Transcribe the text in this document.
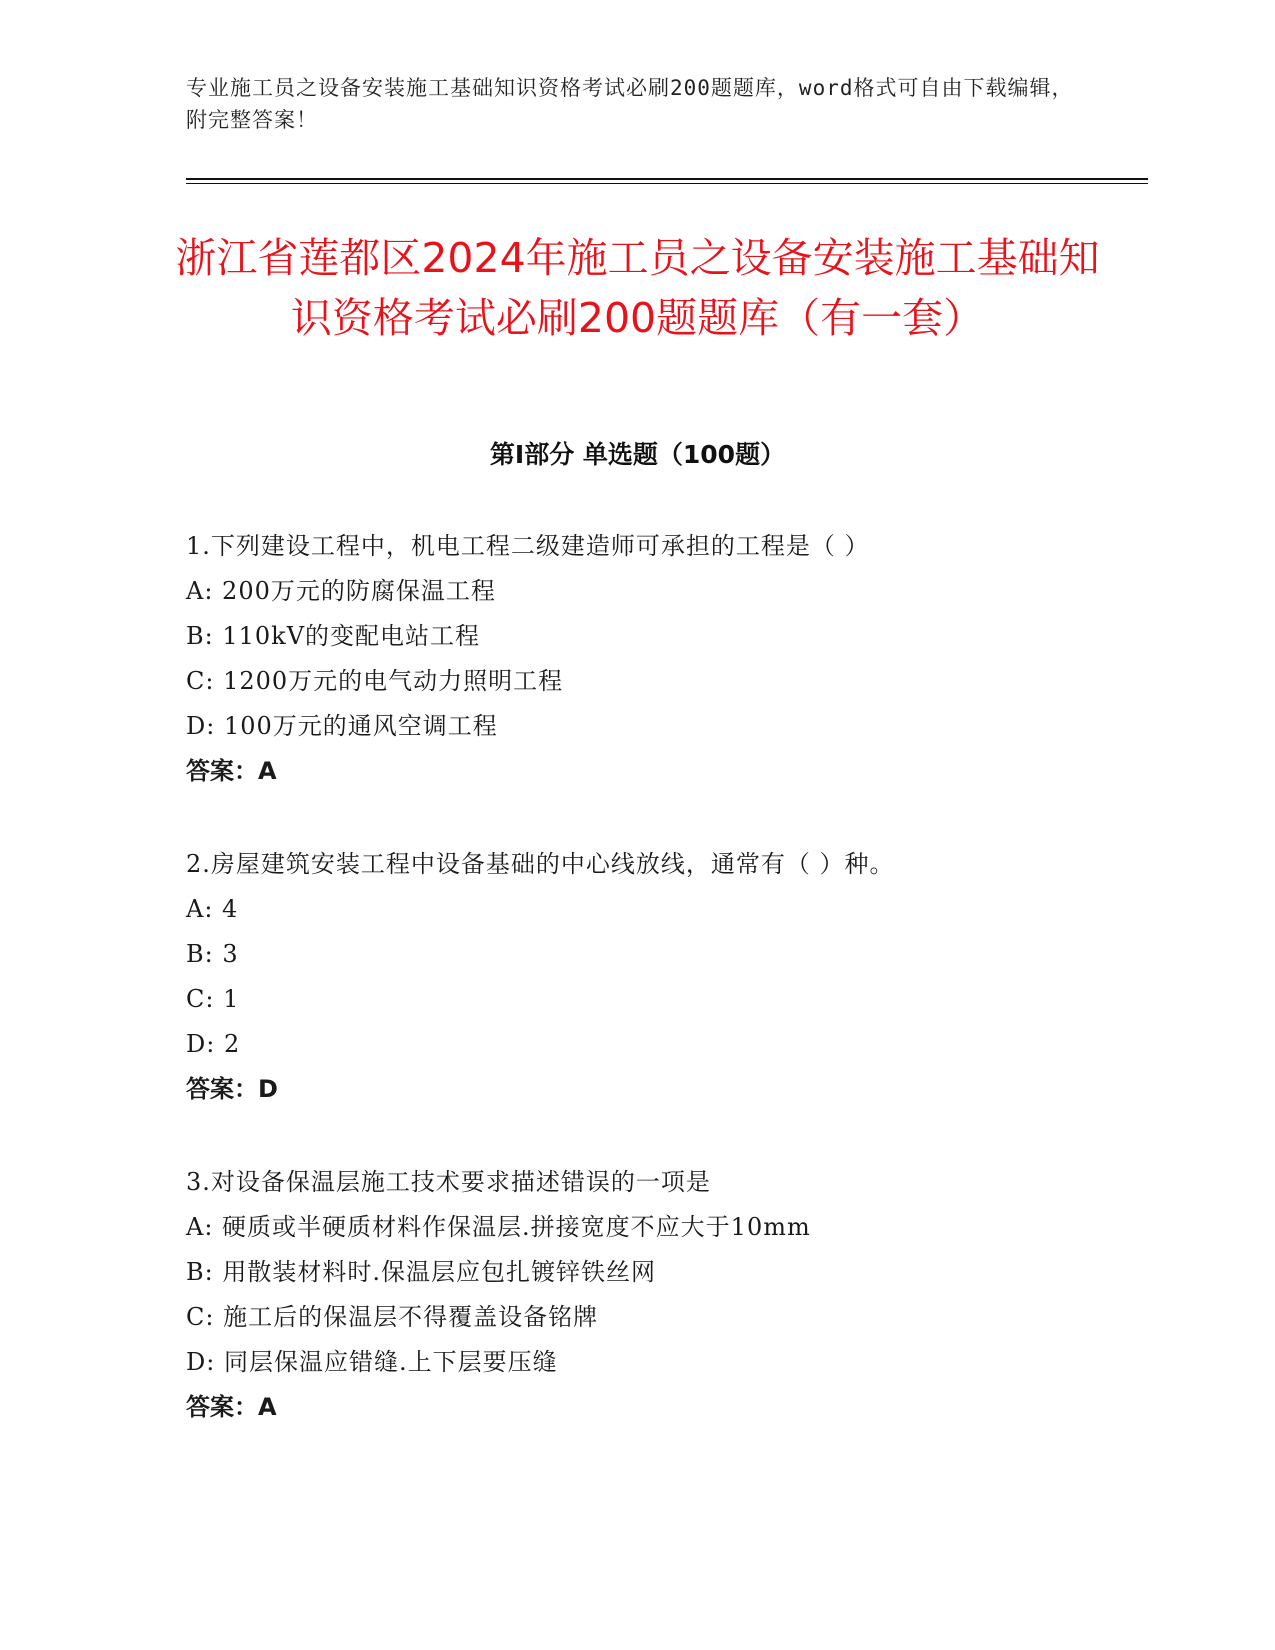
专业施工员之设备安装施工基础知识资格考试必刷200题题库，word格式可自由下载编辑，附完整答案！
浙江省莲都区2024年施工员之设备安装施工基础知识资格考试必刷200题题库（有一套）
第I部分 单选题（100题）
1.下列建设工程中，机电工程二级建造师可承担的工程是（ ）
A: 200万元的防腐保温工程
B: 110kV的变配电站工程
C: 1200万元的电气动力照明工程
D: 100万元的通风空调工程
答案：A
2.房屋建筑安装工程中设备基础的中心线放线，通常有（ ）种。
A: 4
B: 3
C: 1
D: 2
答案：D
3.对设备保温层施工技术要求描述错误的一项是
A: 硬质或半硬质材料作保温层.拼接宽度不应大于10mm
B: 用散装材料时.保温层应包扎镀锌铁丝网
C: 施工后的保温层不得覆盖设备铭牌
D: 同层保温应错缝.上下层要压缝
答案：A
